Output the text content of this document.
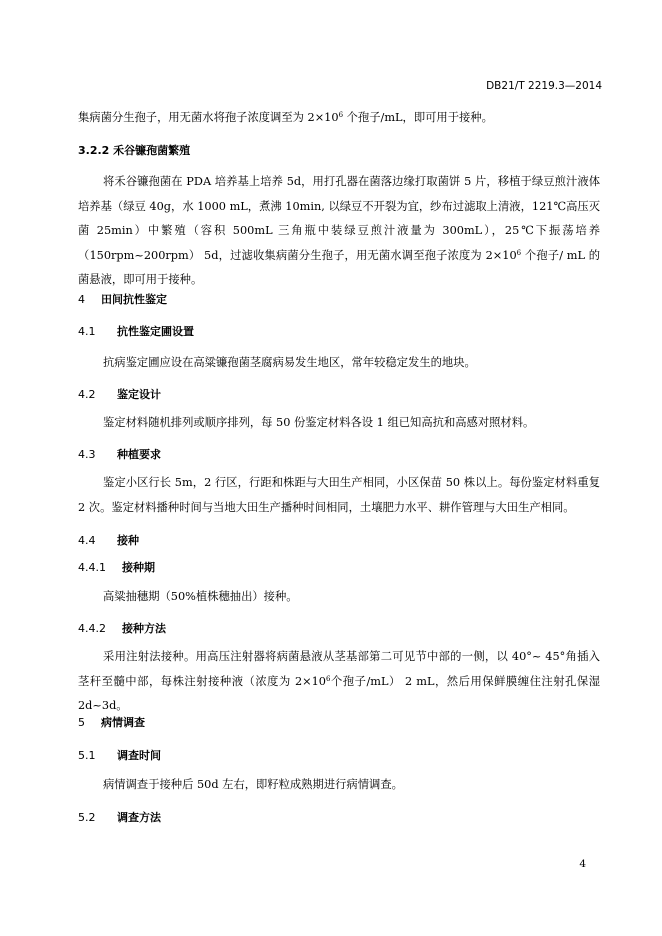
DB21/T 2219.3—2014
集病菌分生孢子，用无菌水将孢子浓度调至为 $2\times 10^6$ 个孢子/mL，即可用于接种。
3.2.2 禾谷镰孢菌繁殖
将禾谷镰孢菌在 PDA 培养基上培养 5d，用打孔器在菌落边缘打取菌饼 5 片，移植于绿豆煎汁液体培养基（绿豆 40g，水 1000 mL，煮沸 10min, 以绿豆不开裂为宜，纱布过滤取上清液，121℃高压灭菌 25min）中繁殖（容积 500mL 三角瓶中装绿豆煎汁液量为 300mL），25℃下振荡培养（150rpm~200rpm） 5d，过滤收集病菌分生孢子，用无菌水调至孢子浓度为 $2\times 10^6$ 个孢子/ mL 的菌悬液，即可用于接种。
4 田间抗性鉴定
4.1 抗性鉴定圃设置
抗病鉴定圃应设在高粱镰孢菌茎腐病易发生地区，常年较稳定发生的地块。
4.2 鉴定设计
鉴定材料随机排列或顺序排列，每 50 份鉴定材料各设 1 组已知高抗和高感对照材料。
4.3 种植要求
鉴定小区行长 5m，2 行区，行距和株距与大田生产相同，小区保苗 50 株以上。每份鉴定材料重复 2 次。鉴定材料播种时间与当地大田生产播种时间相同，土壤肥力水平、耕作管理与大田生产相同。
4.4 接种
4.4.1 接种期
高粱抽穗期（50%植株穗抽出）接种。
4.4.2 接种方法
采用注射法接种。用高压注射器将病菌悬液从茎基部第二可见节中部的一侧，以 40°~ 45°角插入茎秆至髓中部，每株注射接种液（浓度为 $2\times 10^6$个孢子/mL） 2 mL，然后用保鲜膜缠住注射孔保湿 2d~3d。
5 病情调查
5.1 调查时间
病情调查于接种后 50d 左右，即籽粒成熟期进行病情调查。
5.2 调查方法
4
